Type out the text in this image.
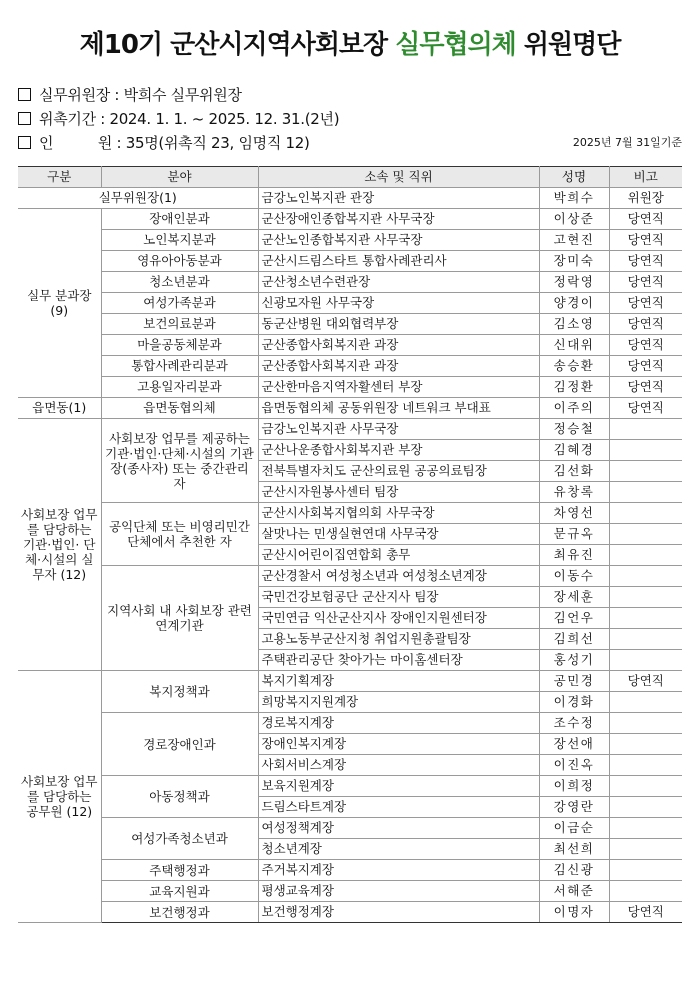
제10기 군산시지역사회보장 실무협의체 위원명단
실무위원장 : 박희수 실무위원장
위촉기간 : 2024. 1. 1. ~ 2025. 12. 31.(2년)
인          원 : 35명(위촉직 23, 임명직 12)	2025년 7월 31일기준
구분	분야	소속 및 직위	성명	비고
실무위원장(1)		금강노인복지관 관장	박희수	위원장
실무 분과장 (9)	장애인분과	군산장애인종합복지관 사무국장	이상준	당연직
	노인복지분과	군산노인종합복지관 사무국장	고현진	당연직
	영유아아동분과	군산시드림스타트 통합사례관리사	장미숙	당연직
	청소년분과	군산청소년수련관장	정락영	당연직
	여성가족분과	신광모자원 사무국장	양경이	당연직
	보건의료분과	동군산병원 대외협력부장	김소영	당연직
	마을공동체분과	군산종합사회복지관 과장	신대위	당연직
	통합사례관리분과	군산종합사회복지관 과장	송승환	당연직
	고용일자리분과	군산한마음지역자활센터 부장	김정환	당연직
읍면동(1)	읍면동협의체	읍면동협의체 공동위원장 네트워크 부대표	이주의	당연직
사회보장 업무를 담당하는 기관·법인· 단체·시설의 실무자 (12)	사회보장 업무를 제공하는 기관·법인·단체·시설의 기관장(종사자) 또는 중간관리자	금강노인복지관 사무국장	정승철	
		군산나운종합사회복지관 부장	김혜경	
		전북특별자치도 군산의료원 공공의료팀장	김선화	
		군산시자원봉사센터 팀장	유창록	
	공익단체 또는 비영리민간단체에서 추천한 자	군산시사회복지협의회 사무국장	차영선	
		살맛나는 민생실현연대 사무국장	문규옥	
		군산시어린이집연합회 총무	최유진	
	지역사회 내 사회보장 관련 연계기관	군산경찰서 여성청소년과 여성청소년계장	이동수	
		국민건강보험공단 군산지사 팀장	장세훈	
		국민연금 익산군산지사 장애인지원센터장	김언우	
		고용노동부군산지청 취업지원총괄팀장	김희선	
		주택관리공단 찾아가는 마이홈센터장	홍성기	
사회보장 업무를 담당하는 공무원 (12)	복지정책과	복지기획계장	공민경	당연직
		희망복지지원계장	이경화	
	경로장애인과	경로복지계장	조수정	
		장애인복지계장	장선애	
		사회서비스계장	이진옥	
	아동정책과	보육지원계장	이희정	
		드림스타트계장	강영란	
	여성가족청소년과	여성정책계장	이금순	
		청소년계장	최선희	
	주택행정과	주거복지계장	김신광	
	교육지원과	평생교육계장	서해준	
	보건행정과	보건행정계장	이명자	당연직
